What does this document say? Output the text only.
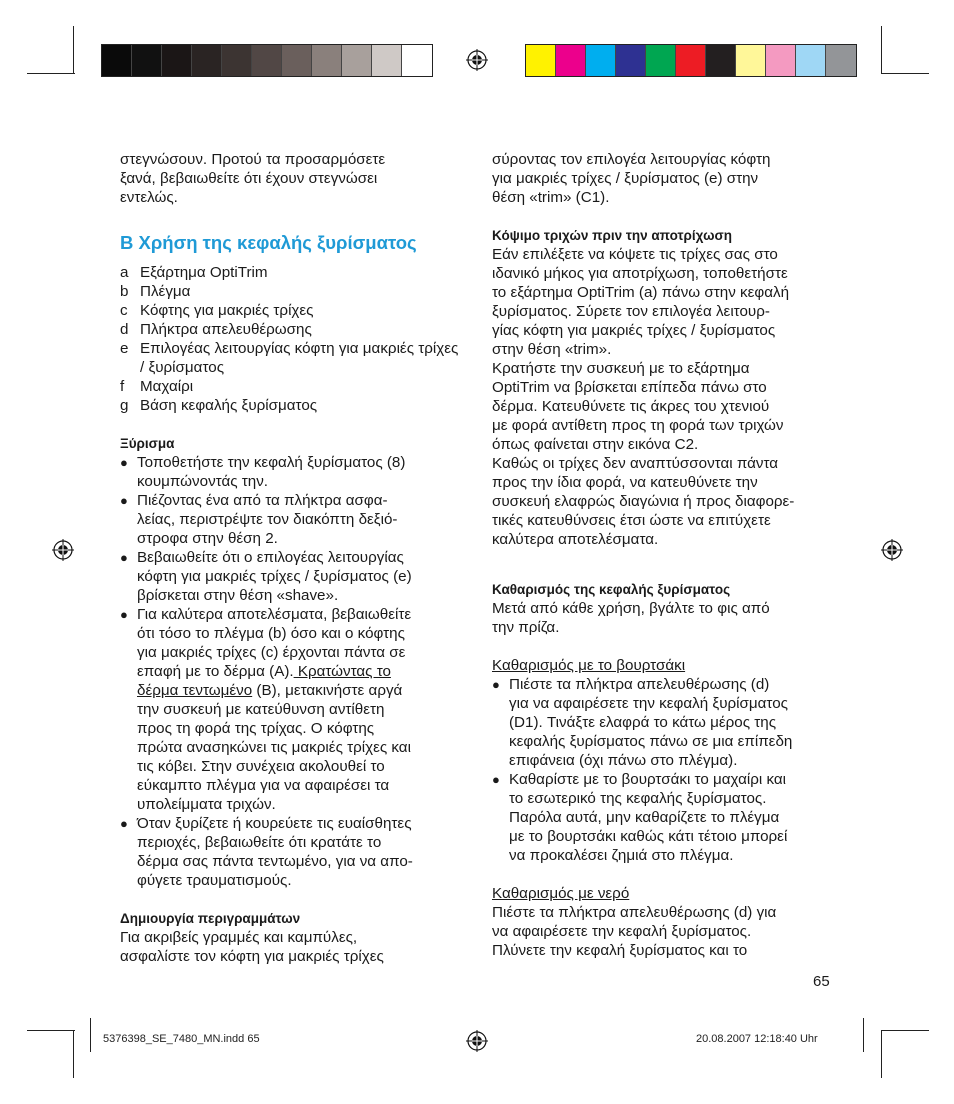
στεγνώσουν. Προτού τα προσαρμόσετε

ξανά, βεβαιωθείτε ότι έχουν στεγνώσει

εντελώς.

B Χρήση της κεφαλής ξυρίσματος
a Εξάρτημα OptiTrim
b Πλέγμα
c Κόφτης για μακριές τρίχες
d Πλήκτρα απελευθέρωσης
e Επιλογέας λειτουργίας κόφτη για μακριές τρίχες / ξυρίσματος
f	Μαχαίρι
g Βάση κεφαλής ξυρίσματος
Ξύρισμα
● Τοποθετήστε την κεφαλή ξυρίσματος (8)

κουμπώνοντάς την.

● Πιέζοντας ένα από τα πλήκτρα ασφα-

λείας, περιστρέψτε τον διακόπτη δεξιό-

στροφα στην θέση 2.

● Βεβαιωθείτε ότι ο επιλογέας λειτουργίας

κόφτη για μακριές τρίχες / ξυρίσματος (e)

βρίσκεται στην θέση «shave».

● Για καλύτερα αποτελέσματα, βεβαιωθείτε

ότι τόσο το πλέγμα (b) όσο και ο κόφτης

για μακριές τρίχες (c) έρχονται πάντα σε

επαφή με το δέρμα (A). Κρατώντας το

δέρμα τεντωμένο (B), μετακινήστε αργά

την συσκευή με κατεύθυνση αντίθετη

προς τη φορά της τρίχας. Ο κόφτης

πρώτα ανασηκώνει τις μακριές τρίχες και

τις κόβει. Στην συνέχεια ακολουθεί το

εύκαμπτο πλέγμα για να αφαιρέσει τα

υπολείμματα τριχών.

● Όταν ξυρίζετε ή κουρεύετε τις ευαίσθητες

περιοχές, βεβαιωθείτε ότι κρατάτε το

δέρμα σας πάντα τεντωμένο, για να απο-

φύγετε τραυματισμούς.

Δημιουργία περιγραμμάτων

Για ακριβείς γραμμές και καμπύλες,

ασφαλίστε τον κόφτη για μακριές τρίχες

σύροντας τον επιλογέα λειτουργίας κόφτη

για μακριές τρίχες / ξυρίσματος (e) στην

θέση «trim» (C1).

Κόψιμο τριχών πριν την αποτρίχωση

Εάν επιλέξετε να κόψετε τις τρίχες σας στο

ιδανικό μήκος για αποτρίχωση, τοποθετήστε

το εξάρτημα OptiTrim (a) πάνω στην κεφαλή

ξυρίσματος. Σύρετε τον επιλογέα λειτουρ-

γίας κόφτη για μακριές τρίχες / ξυρίσματος

στην θέση «trim».

Κρατήστε την συσκευή με το εξάρτημα

OptiTrim να βρίσκεται επίπεδα πάνω στο

δέρμα. Κατευθύνετε τις άκρες του χτενιού

με φορά αντίθετη προς τη φορά των τριχών

όπως φαίνεται στην εικόνα C2.

Καθώς οι τρίχες δεν αναπτύσσονται πάντα

προς την ίδια φορά, να κατευθύνετε την

συσκευή ελαφρώς διαγώνια ή προς διαφορε-

τικές κατευθύνσεις έτσι ώστε να επιτύχετε

καλύτερα αποτελέσματα.

Καθαρισμός της κεφαλής ξυρίσματος

Μετά από κάθε χρήση, βγάλτε το φις από

την πρίζα.

Καθαρισμός με το βουρτσάκι

● Πιέστε τα πλήκτρα απελευθέρωσης (d)

για να αφαιρέσετε την κεφαλή ξυρίσματος

(D1). Τινάξτε ελαφρά το κάτω μέρος της

κεφαλής ξυρίσματος πάνω σε μια επίπεδη

επιφάνεια (όχι πάνω στο πλέγμα).

● Καθαρίστε με το βουρτσάκι το μαχαίρι και

το εσωτερικό της κεφαλής ξυρίσματος.

Παρόλα αυτά, μην καθαρίζετε το πλέγμα

με το βουρτσάκι καθώς κάτι τέτοιο μπορεί

να προκαλέσει ζημιά στο πλέγμα.

Καθαρισμός με νερό

Πιέστε τα πλήκτρα απελευθέρωσης (d) για

να αφαιρέσετε την κεφαλή ξυρίσματος.

Πλύνετε την κεφαλή ξυρίσματος και το

65
5376398_SE_7480_MN.indd 65	20.08.2007 12:18:40 Uhr
